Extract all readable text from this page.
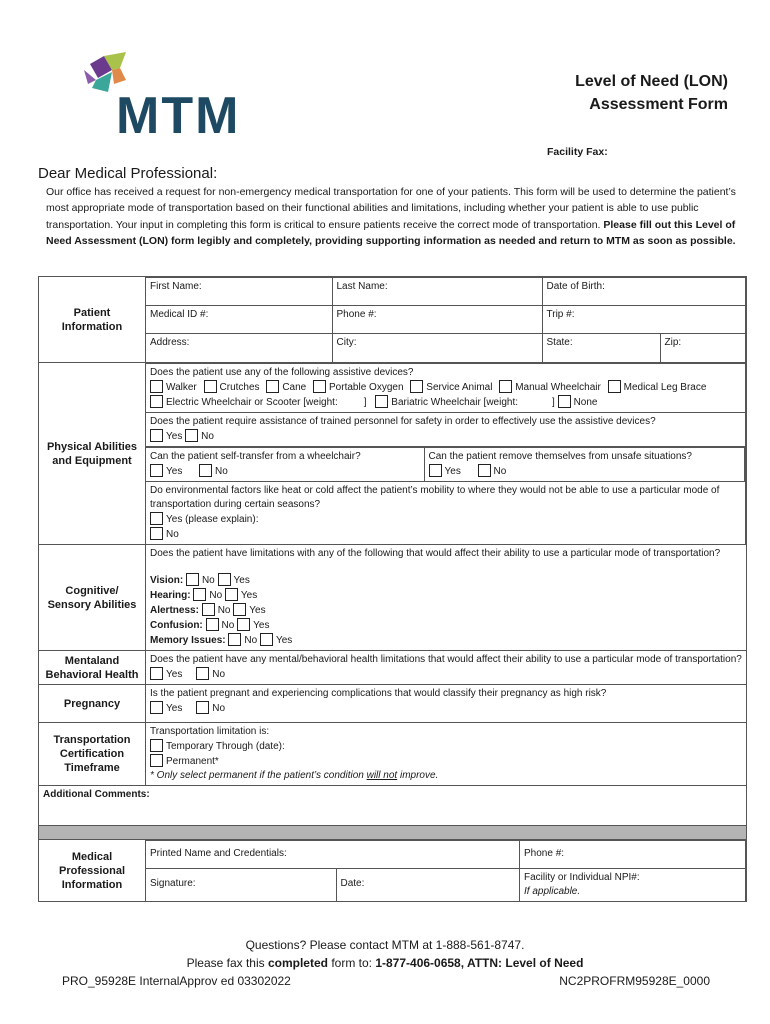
MTM
Level of Need (LON)
Assessment Form
Facility Fax:
Dear Medical Professional:
Our office has received a request for non-emergency medical transportation for one of your patients. This form will be used to determine the patient’s most appropriate mode of transportation based on their functional abilities and limitations, including whether your patient is able to use public transportation. Your input in completing this form is critical to ensure patients receive the correct mode of transportation. Please fill out this Level of Need Assessment (LON) form legibly and completely, providing supporting information as needed and return to MTM as soon as possible.
Patient Information	
First Name:	Last Name:	Date of Birth:
Medical ID #:	Phone #:	Trip #:
Address:	City:	State:	Zip:

Physical Abilities and Equipment	
Does the patient use any of the following assistive devices?
Walker Crutches Cane Portable Oxygen Service Animal Manual Wheelchair Medical Leg Brace
Electric Wheelchair or Scooter [weight:	] Bariatric Wheelchair [weight:	] None

Does the patient require assistance of trained personnel for safety in order to effectively use the assistive devices?
Yes No

Can the patient self-transfer from a wheelchair?
Yes	No

Can the patient remove themselves from unsafe situations?
Yes	No

Do environmental factors like heat or cold affect the patient’s mobility to where they would not be able to use a particular mode of transportation during certain seasons?
Yes (please explain):
No

Cognitive/ Sensory Abilities	
Does the patient have limitations with any of the following that would affect their ability to use a particular mode of transportation?
Vision: No Yes
Hearing: No Yes
Alertness: No Yes
Confusion: No Yes
Memory Issues: No Yes

Mentaland Behavioral Health	
Does the patient have any mental/behavioral health limitations that would affect their ability to use a particular mode of transportation?
Yes	No

Pregnancy	
Is the patient pregnant and experiencing complications that would classify their pregnancy as high risk?
Yes	No

Transportation Certification Timeframe	
Transportation limitation is:
Temporary Through (date):
Permanent*
* Only select permanent if the patient’s condition will not improve.

Additional Comments:

Medical Professional Information	
Printed Name and Credentials:	Phone #:
Signature:	Date:	
Facility or Individual NPI#:
If applicable.
Questions? Please contact MTM at 1-888-561-8747.
Please fax this completed form to: 1-877-406-0658, ATTN: Level of Need
PRO_95928E InternalApprov ed 03302022	NC2PROFRM95928E_0000
